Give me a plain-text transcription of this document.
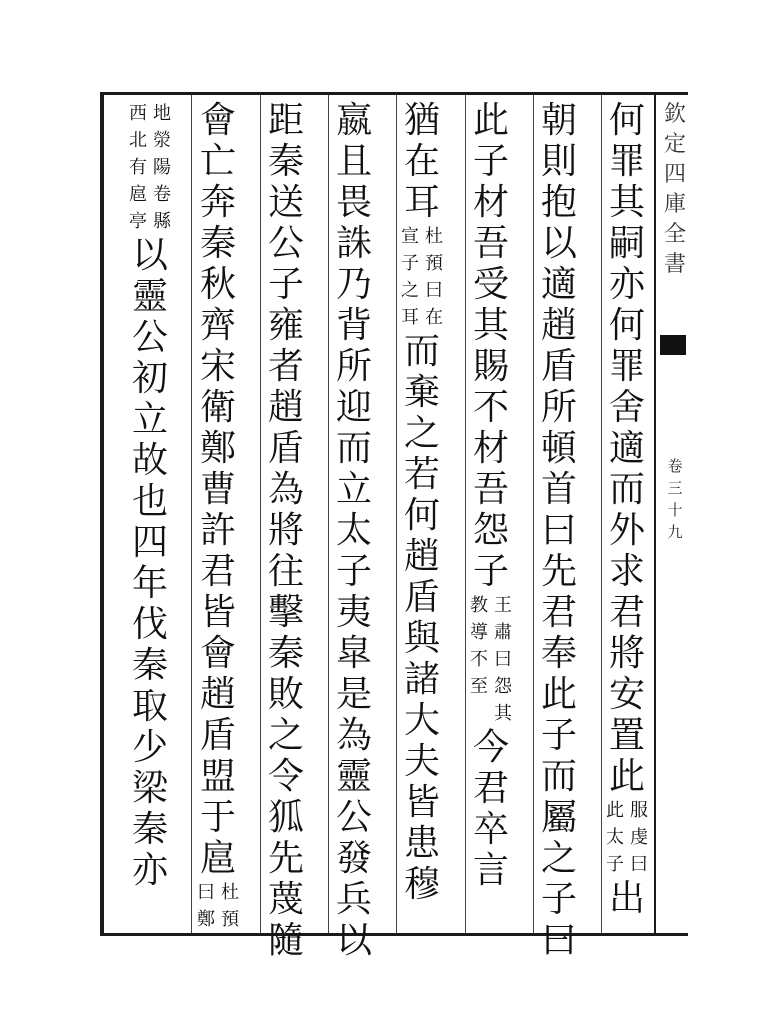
欽
定
四
庫
全
書
卷
三
十
九
何
罪
其
嗣
亦
何
罪
舍
適
而
外
求
君
將
安
置
此
服
虔
曰
此
太
子
出
朝
則
抱
以
適
趙
盾
所
頓
首
曰
先
君
奉
此
子
而
屬
之
子
曰
此
子
材
吾
受
其
賜
不
材
吾
怨
子
王
肅
曰
怨
其
教
導
不
至
今
君
卒
言
猶
在
耳
杜
預
曰
在
宣
子
之
耳
而
棄
之
若
何
趙
盾
與
諸
大
夫
皆
患
穆
嬴
且
畏
誅
乃
背
所
迎
而
立
太
子
夷
皐
是
為
靈
公
發
兵
以
距
秦
送
公
子
雍
者
趙
盾
為
將
往
擊
秦
敗
之
令
狐
先
蔑
隨
會
亡
奔
秦
秋
齊
宋
衛
鄭
曹
許
君
皆
會
趙
盾
盟
于
扈
杜
預
曰
鄭
地
滎
陽
卷
縣
西
北
有
扈
亭
以
靈
公
初
立
故
也
四
年
伐
秦
取
少
梁
秦
亦
